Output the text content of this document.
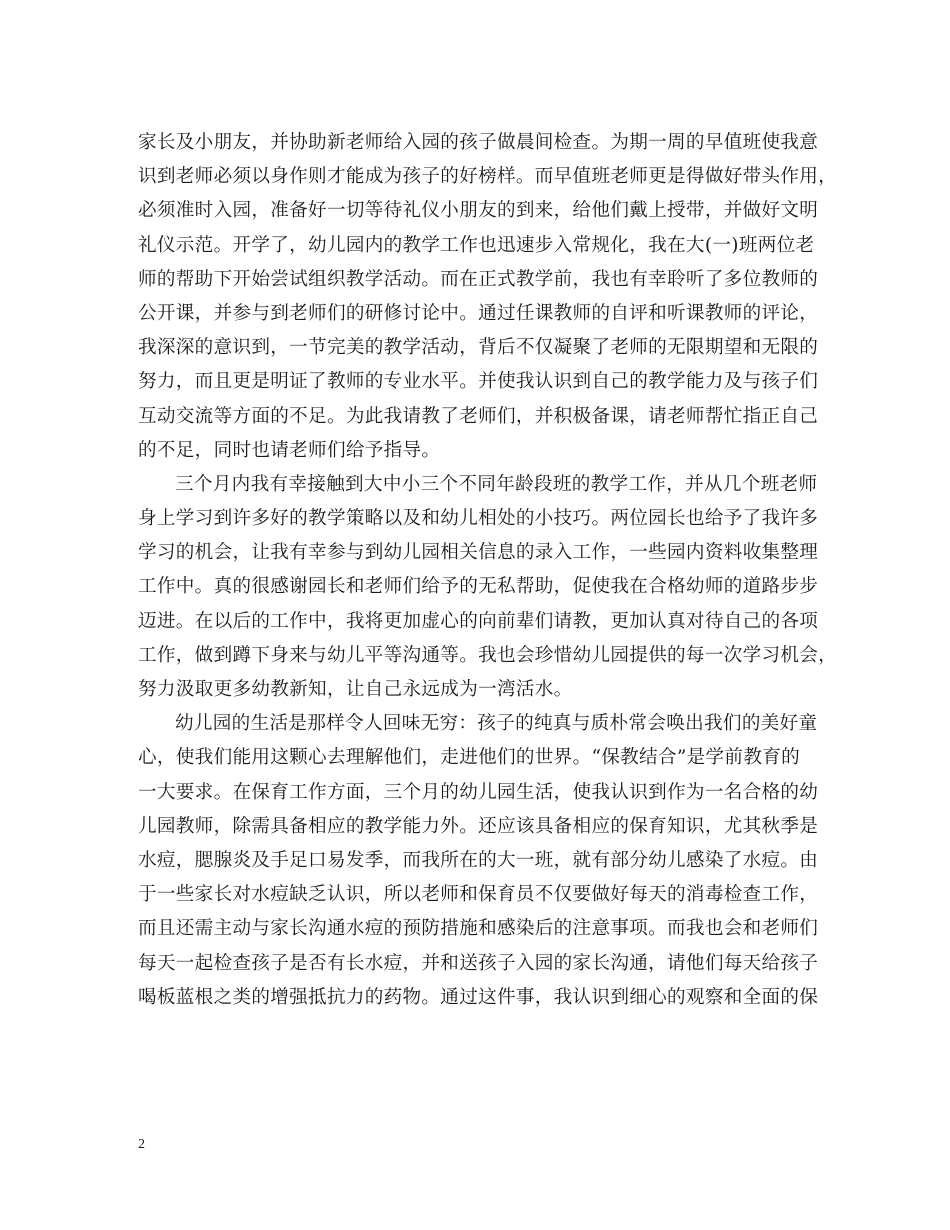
家长及小朋友，并协助新老师给入园的孩子做晨间检查。为期一周的早值班使我意
识到老师必须以身作则才能成为孩子的好榜样。而早值班老师更是得做好带头作用，
必须准时入园，准备好一切等待礼仪小朋友的到来，给他们戴上授带，并做好文明
礼仪示范。开学了，幼儿园内的教学工作也迅速步入常规化，我在大(一)班两位老
师的帮助下开始尝试组织教学活动。而在正式教学前，我也有幸聆听了多位教师的
公开课，并参与到老师们的研修讨论中。通过任课教师的自评和听课教师的评论，
我深深的意识到，一节完美的教学活动，背后不仅凝聚了老师的无限期望和无限的
努力，而且更是明证了教师的专业水平。并使我认识到自己的教学能力及与孩子们
互动交流等方面的不足。为此我请教了老师们，并积极备课，请老师帮忙指正自己
的不足，同时也请老师们给予指导。
三个月内我有幸接触到大中小三个不同年龄段班的教学工作，并从几个班老师
身上学习到许多好的教学策略以及和幼儿相处的小技巧。两位园长也给予了我许多
学习的机会，让我有幸参与到幼儿园相关信息的录入工作，一些园内资料收集整理
工作中。真的很感谢园长和老师们给予的无私帮助，促使我在合格幼师的道路步步
迈进。在以后的工作中，我将更加虚心的向前辈们请教，更加认真对待自己的各项
工作，做到蹲下身来与幼儿平等沟通等。我也会珍惜幼儿园提供的每一次学习机会，
努力汲取更多幼教新知，让自己永远成为一湾活水。
幼儿园的生活是那样令人回味无穷：孩子的纯真与质朴常会唤出我们的美好童
心，使我们能用这颗心去理解他们，走进他们的世界。“保教结合”是学前教育的
一大要求。在保育工作方面，三个月的幼儿园生活，使我认识到作为一名合格的幼
儿园教师，除需具备相应的教学能力外。还应该具备相应的保育知识，尤其秋季是
水痘，腮腺炎及手足口易发季，而我所在的大一班，就有部分幼儿感染了水痘。由
于一些家长对水痘缺乏认识，所以老师和保育员不仅要做好每天的消毒检查工作，
而且还需主动与家长沟通水痘的预防措施和感染后的注意事项。而我也会和老师们
每天一起检查孩子是否有长水痘，并和送孩子入园的家长沟通，请他们每天给孩子
喝板蓝根之类的增强抵抗力的药物。通过这件事，我认识到细心的观察和全面的保
2
